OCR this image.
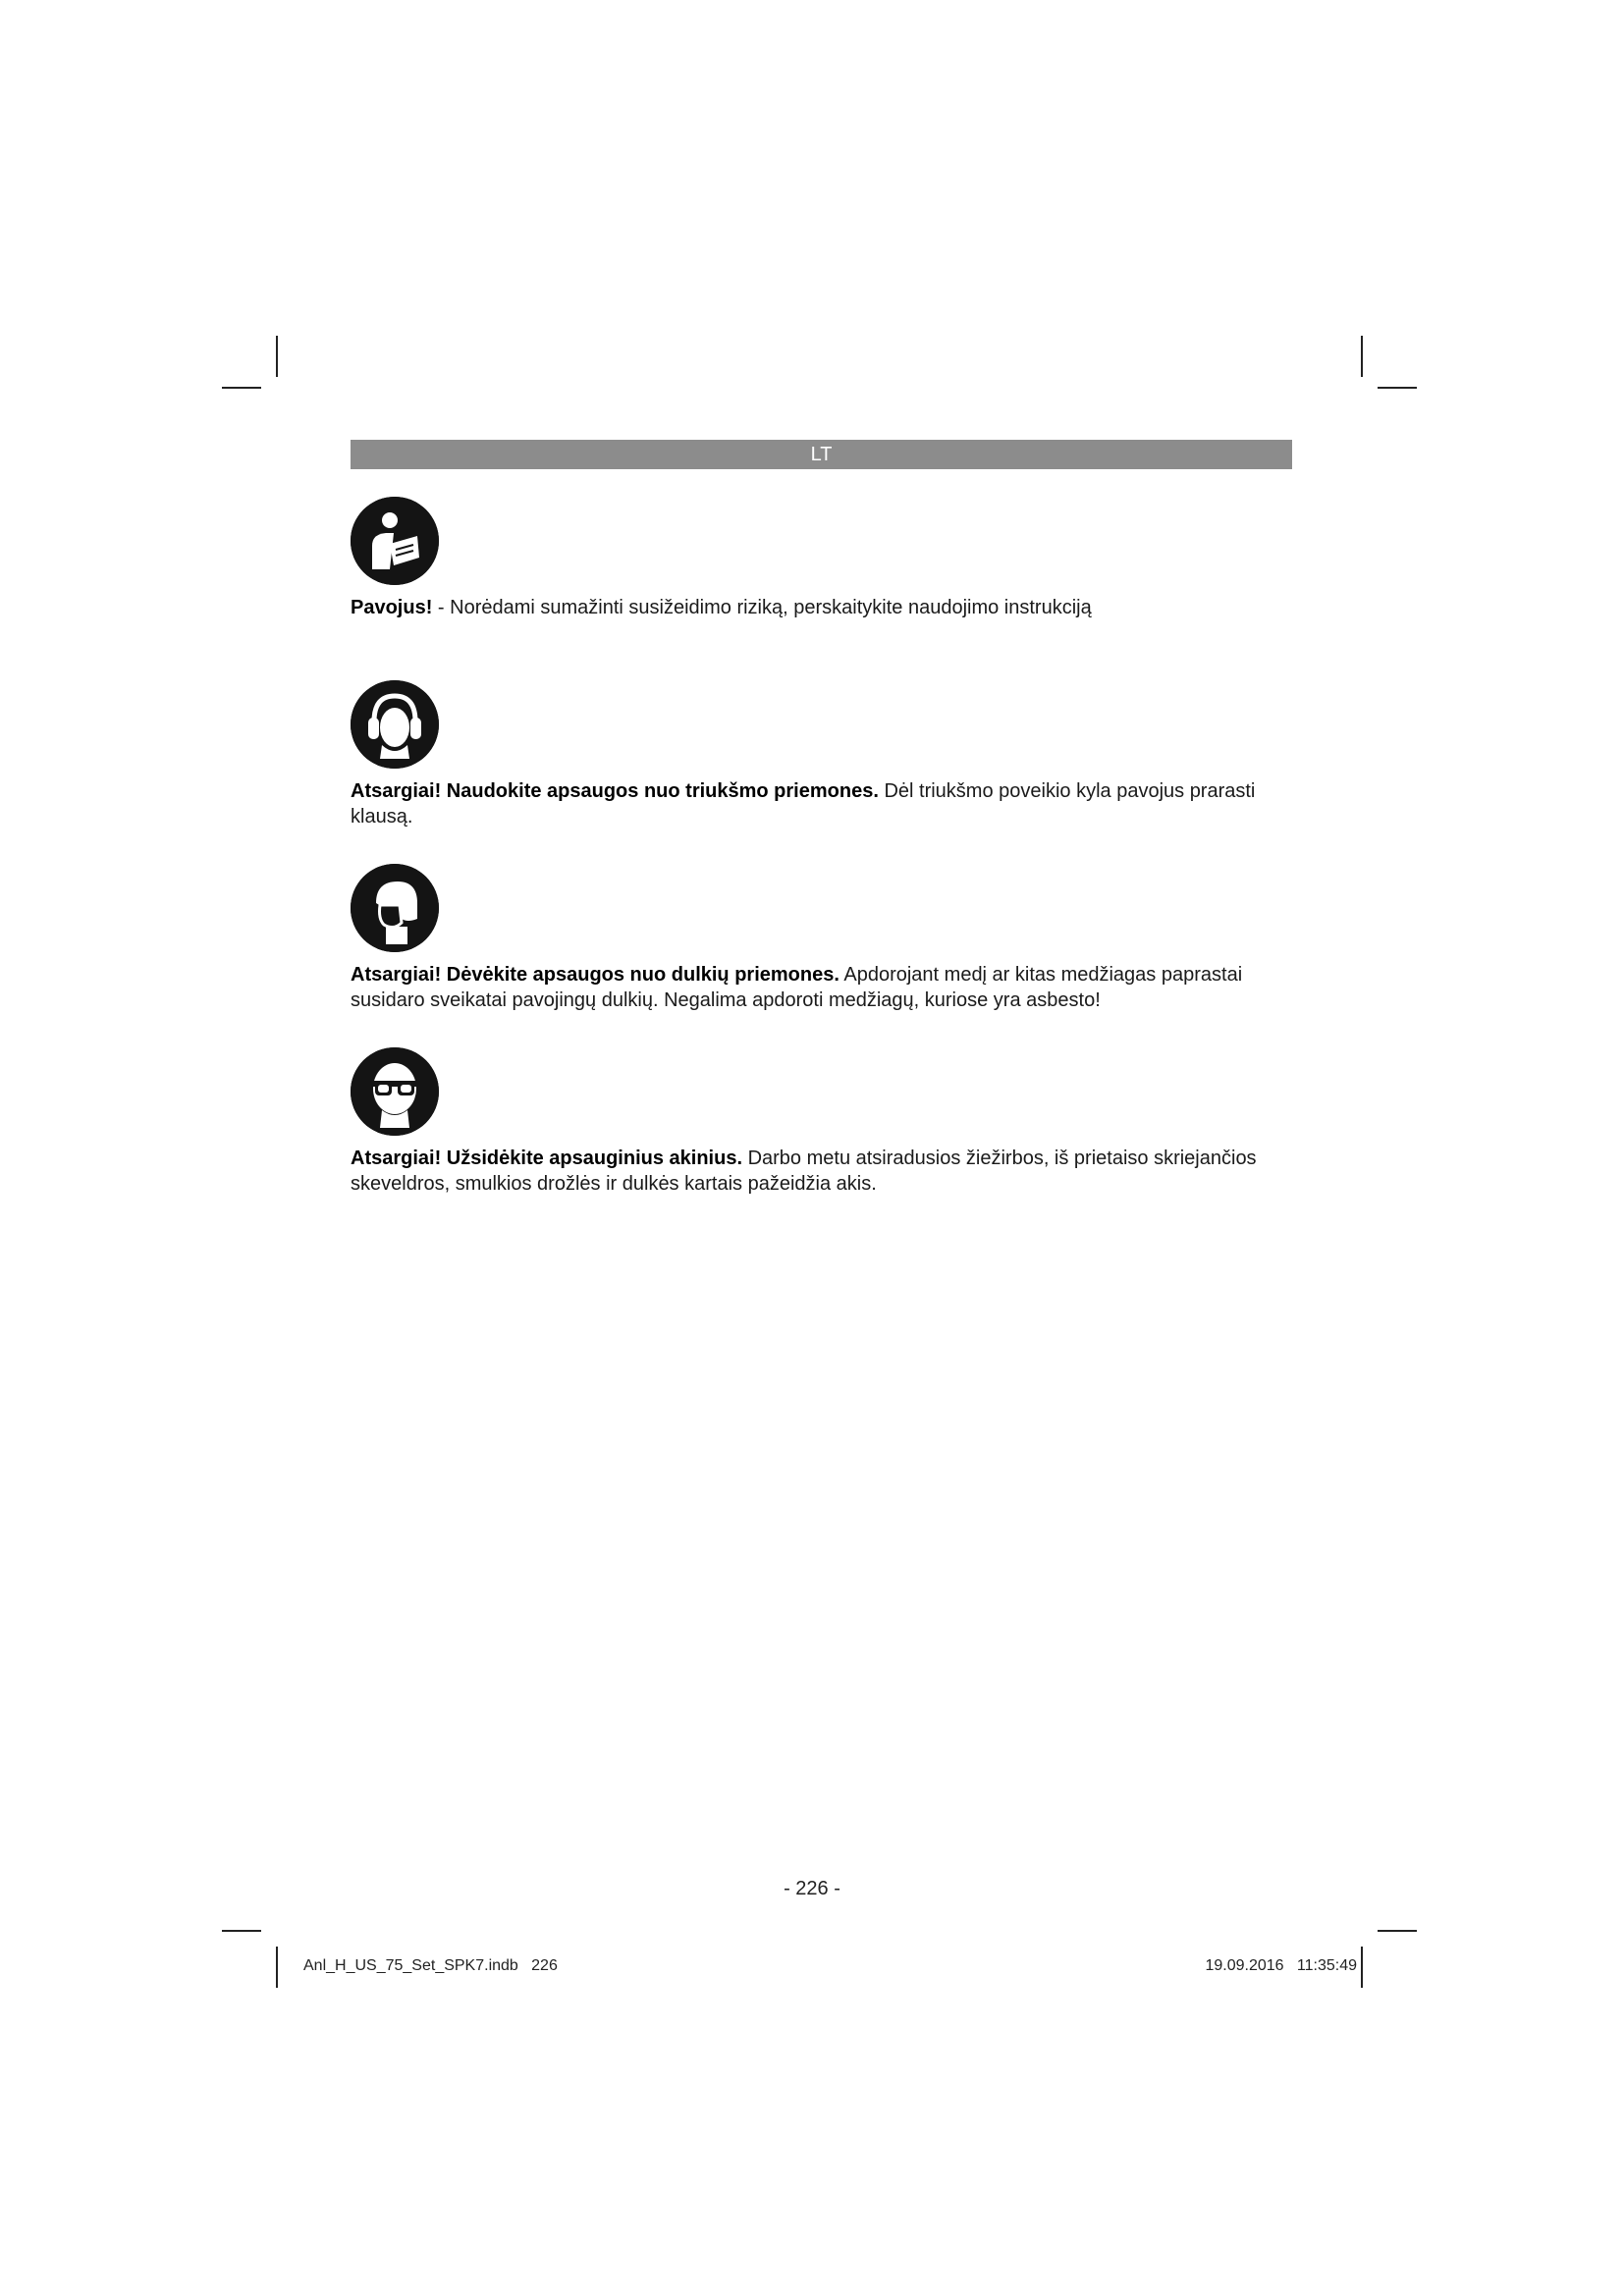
LT

Pavojus! - Norėdami sumažinti susižeidimo riziką, perskaitykite naudojimo instrukciją

Atsargiai! Naudokite apsaugos nuo triukšmo priemones. Dėl triukšmo poveikio kyla pavojus prarasti klausą.

Atsargiai! Dėvėkite apsaugos nuo dulkių priemones. Apdorojant medį ar kitas medžiagas paprastai susidaro sveikatai pavojingų dulkių. Negalima apdoroti medžiagų, kuriose yra asbesto!

Atsargiai! Užsidėkite apsauginius akinius. Darbo metu atsiradusios žiežirbos, iš prietaiso skriejančios skeveldros, smulkios drožlės ir dulkės kartais pažeidžia akis.

- 226 -
Anl_H_US_75_Set_SPK7.indb   226	19.09.2016   11:35:49
